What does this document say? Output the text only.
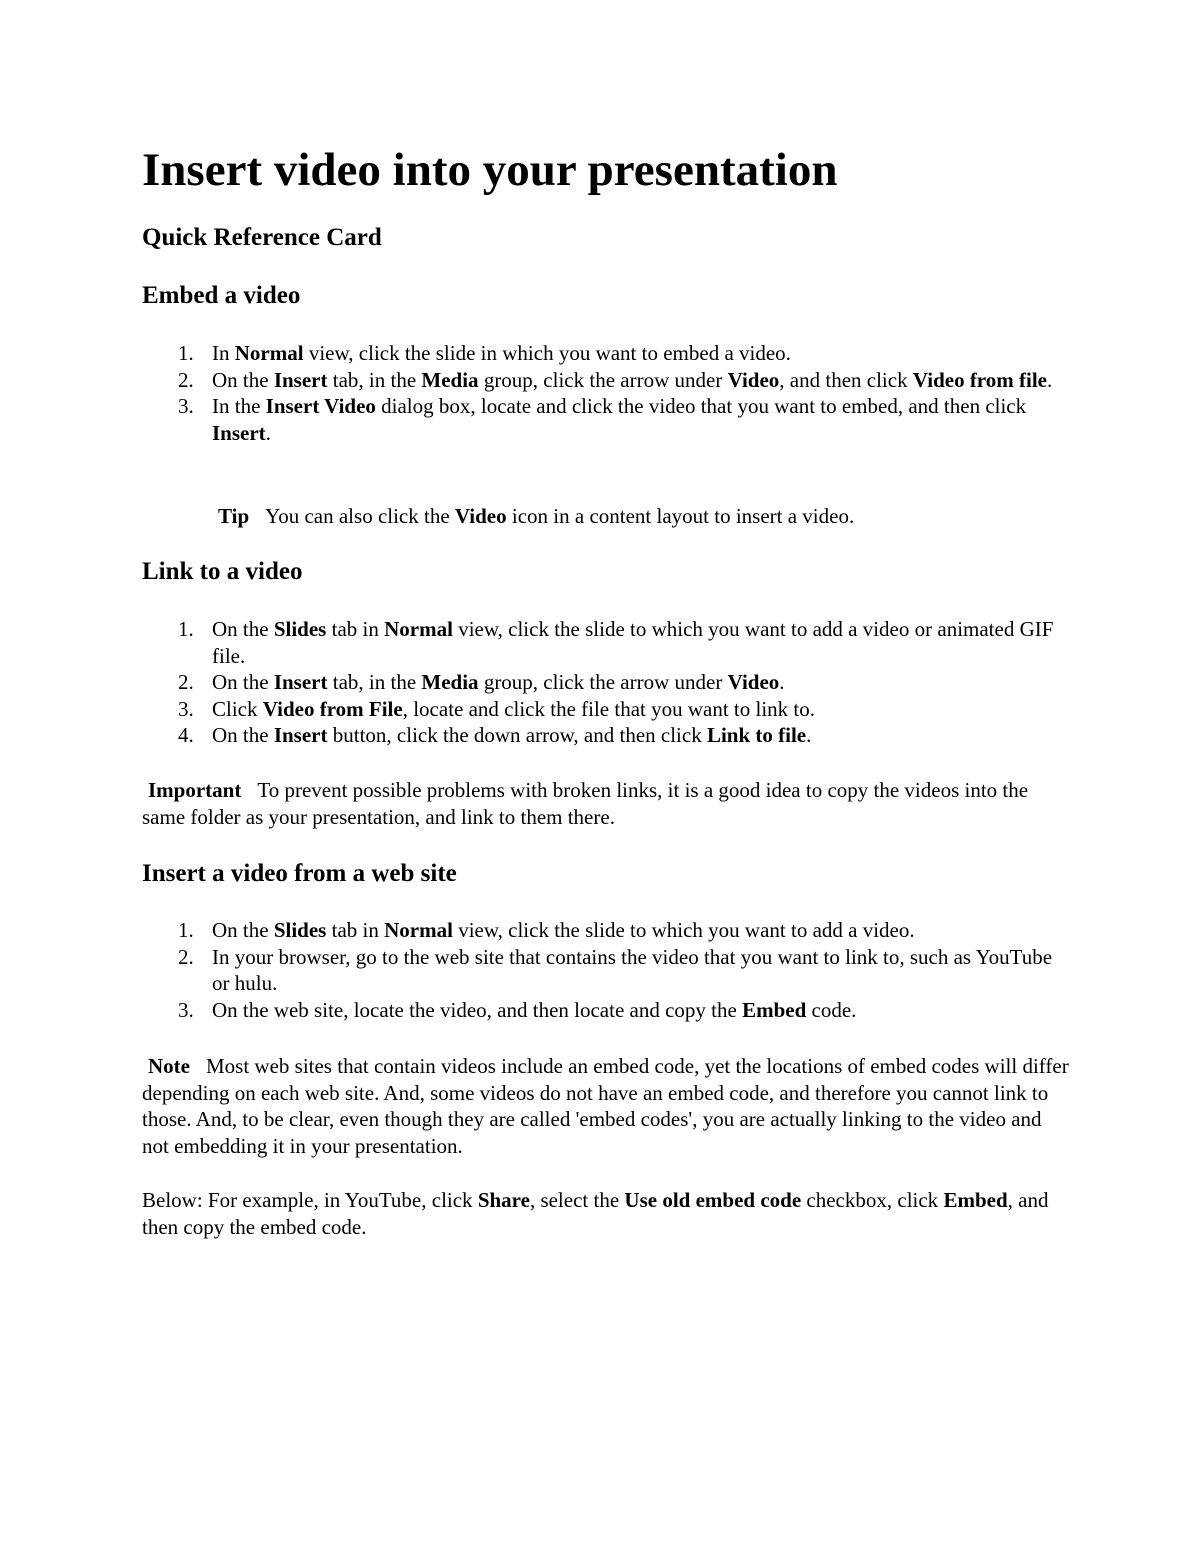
Insert video into your presentation
Quick Reference Card
Embed a video
1. In Normal view, click the slide in which you want to embed a video.
2. On the Insert tab, in the Media group, click the arrow under Video, and then click Video from file.
3. In the Insert Video dialog box, locate and click the video that you want to embed, and then click Insert.

Tip You can also click the Video icon in a content layout to insert a video.

Link to a video
1. On the Slides tab in Normal view, click the slide to which you want to add a video or animated GIF file.
2. On the Insert tab, in the Media group, click the arrow under Video.
3. Click Video from File, locate and click the file that you want to link to.
4. On the Insert button, click the down arrow, and then click Link to file.

Important To prevent possible problems with broken links, it is a good idea to copy the videos into the same folder as your presentation, and link to them there.

Insert a video from a web site
1. On the Slides tab in Normal view, click the slide to which you want to add a video.
2. In your browser, go to the web site that contains the video that you want to link to, such as YouTube or hulu.
3. On the web site, locate the video, and then locate and copy the Embed code.

Note Most web sites that contain videos include an embed code, yet the locations of embed codes will differ depending on each web site. And, some videos do not have an embed code, and therefore you cannot link to those. And, to be clear, even though they are called 'embed codes', you are actually linking to the video and not embedding it in your presentation.

Below: For example, in YouTube, click Share, select the Use old embed code checkbox, click Embed, and then copy the embed code.
